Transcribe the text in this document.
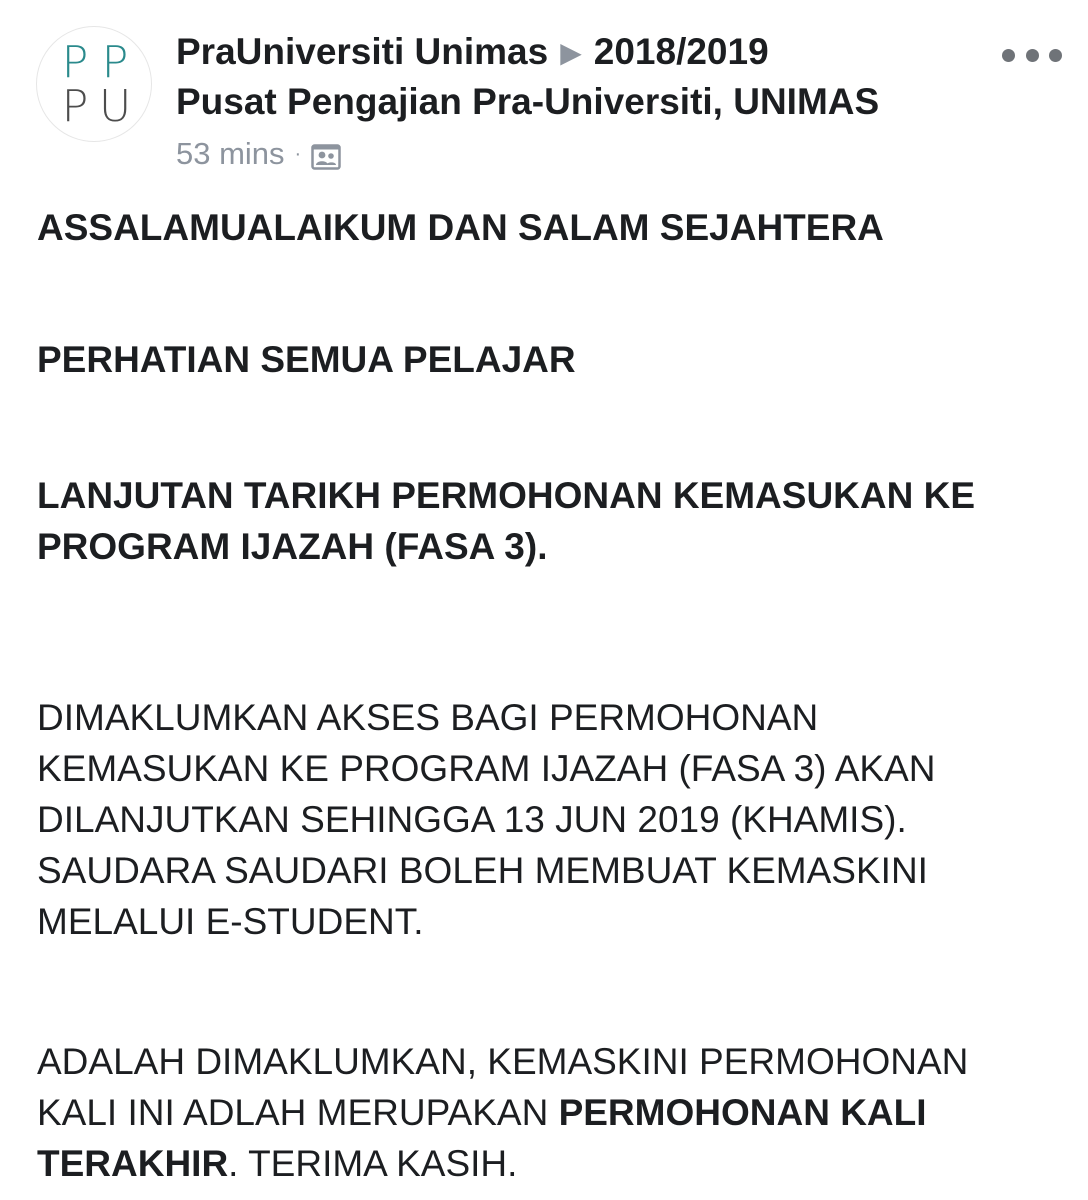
P P
P U
PraUniversiti Unimas ▶ 2018/2019
Pusat Pengajian Pra-Universiti, UNIMAS
53 mins ·
ASSALAMUALAIKUM DAN SALAM SEJAHTERA
PERHATIAN SEMUA PELAJAR
LANJUTAN TARIKH PERMOHONAN KEMASUKAN KE
PROGRAM IJAZAH (FASA 3).
DIMAKLUMKAN AKSES BAGI PERMOHONAN
KEMASUKAN KE PROGRAM IJAZAH (FASA 3) AKAN
DILANJUTKAN SEHINGGA 13 JUN 2019 (KHAMIS).
SAUDARA SAUDARI BOLEH MEMBUAT KEMASKINI
MELALUI E-STUDENT.
ADALAH DIMAKLUMKAN, KEMASKINI PERMOHONAN
KALI INI ADLAH MERUPAKAN PERMOHONAN KALI
TERAKHIR. TERIMA KASIH.
